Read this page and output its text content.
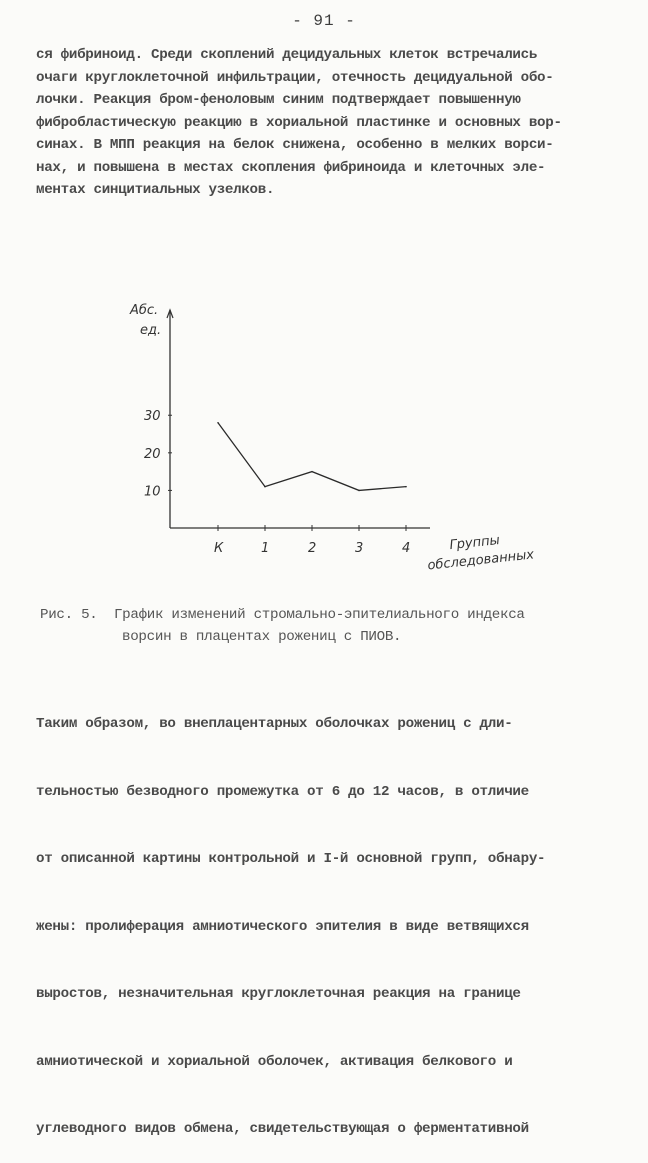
- 91 -
ся фибриноид. Среди скоплений децидуальных клеток встречались
очаги круглоклеточной инфильтрации, отечность децидуальной обо-
лочки. Реакция бром-феноловым синим подтверждает повышенную
фибробластическую реакцию в хориальной пластинке и основных вор-
синах. В МПП реакция на белок снижена, особенно в мелких ворси-
нах, и повышена в местах скопления фибриноида и клеточных эле-
ментах синцитиальных узелков.
Абс.
ед.
Группы
обследованных
10
20
30
К	1	2	3	4
Рис. 5. График изменений стромально-эпителиального индекса
ворсин в плацентах рожениц с ПИОВ.

Таким образом, во внеплацентарных оболочках рожениц с дли-

тельностью безводного промежутка от 6 до 12 часов, в отличие

от описанной картины контрольной и I-й основной групп, обнару-

жены: пролиферация амниотического эпителия в виде ветвящихся

выростов, незначительная круглоклеточная реакция на границе

амниотической и хориальной оболочек, активация белкового и

углеводного видов обмена, свидетельствующая о ферментативной
